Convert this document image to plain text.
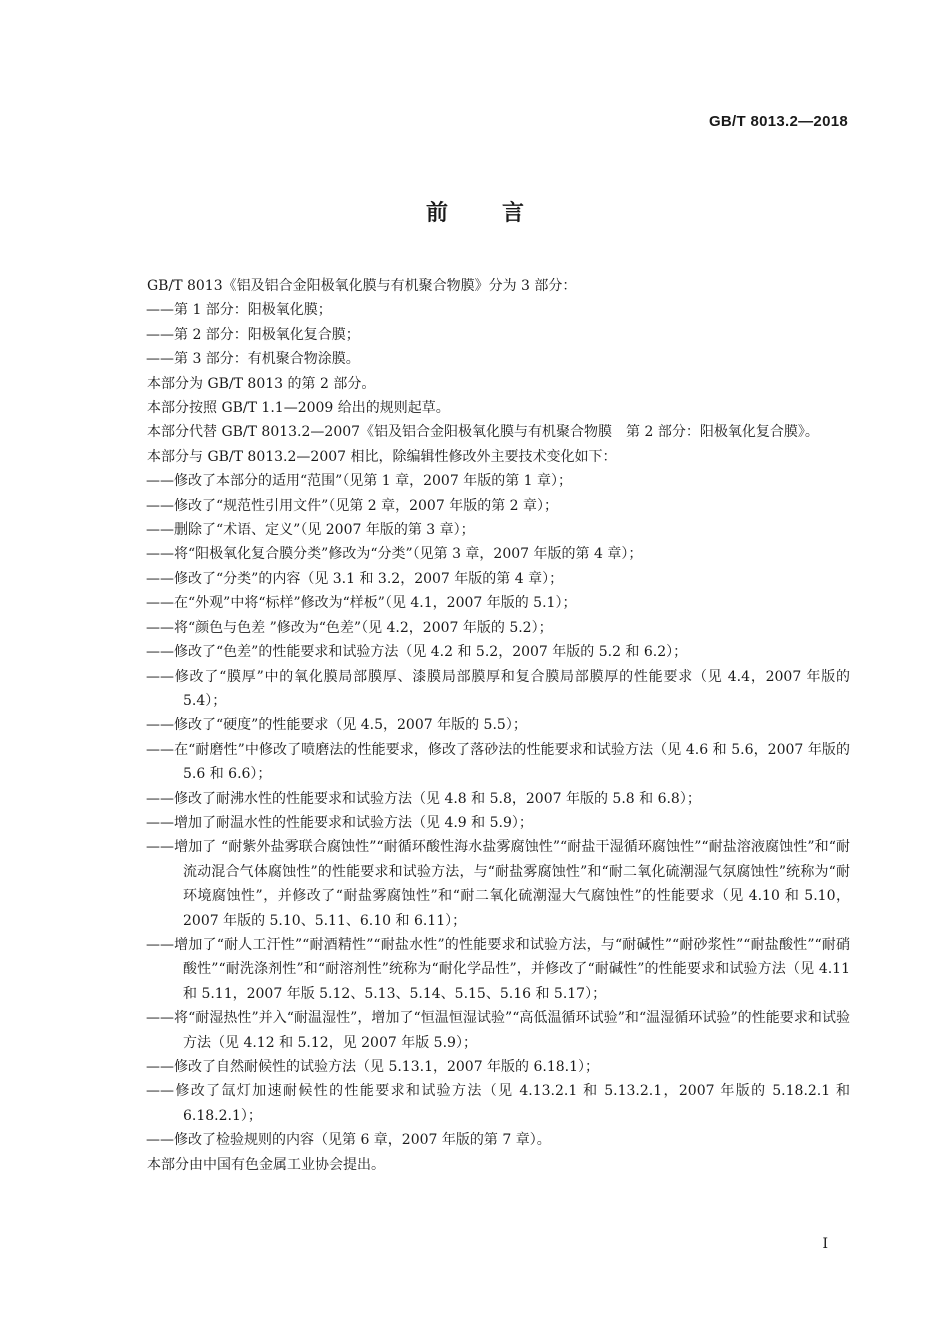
GB/T 8013.2—2018
前言

GB/T 8013《铝及铝合金阳极氧化膜与有机聚合物膜》分为 3 部分：

——第 1 部分：阳极氧化膜；

——第 2 部分：阳极氧化复合膜；

——第 3 部分：有机聚合物涂膜。

本部分为 GB/T 8013 的第 2 部分。

本部分按照 GB/T 1.1—2009 给出的规则起草。

本部分代替 GB/T 8013.2—2007《铝及铝合金阳极氧化膜与有机聚合物膜　第 2 部分：阳极氧化复合膜》。

本部分与 GB/T 8013.2—2007 相比，除编辑性修改外主要技术变化如下：

——修改了本部分的适用“范围”（见第 1 章，2007 年版的第 1 章）；

——修改了“规范性引用文件”（见第 2 章，2007 年版的第 2 章）；

——删除了“术语、定义”（见 2007 年版的第 3 章）；

——将“阳极氧化复合膜分类”修改为“分类”（见第 3 章，2007 年版的第 4 章）；

——修改了“分类”的内容（见 3.1 和 3.2，2007 年版的第 4 章）；

——在“外观”中将“标样”修改为“样板”（见 4.1，2007 年版的 5.1）；

——将“颜色与色差 ”修改为“色差”（见 4.2，2007 年版的 5.2）；

——修改了“色差”的性能要求和试验方法（见 4.2 和 5.2，2007 年版的 5.2 和 6.2）；

——修改了“膜厚”中的氧化膜局部膜厚、漆膜局部膜厚和复合膜局部膜厚的性能要求（见 4.4，2007 年版的 5.4）；

——修改了“硬度”的性能要求（见 4.5，2007 年版的 5.5）；

——在“耐磨性”中修改了喷磨法的性能要求，修改了落砂法的性能要求和试验方法（见 4.6 和 5.6，2007 年版的 5.6 和 6.6）；

——修改了耐沸水性的性能要求和试验方法（见 4.8 和 5.8，2007 年版的 5.8 和 6.8）；

——增加了耐温水性的性能要求和试验方法（见 4.9 和 5.9）；

——增加了 “耐紫外盐雾联合腐蚀性”“耐循环酸性海水盐雾腐蚀性”“耐盐干湿循环腐蚀性”“耐盐溶液腐蚀性”和“耐流动混合气体腐蚀性”的性能要求和试验方法，与“耐盐雾腐蚀性”和“耐二氧化硫潮湿气氛腐蚀性”统称为“耐环境腐蚀性”，并修改了“耐盐雾腐蚀性”和“耐二氧化硫潮湿大气腐蚀性”的性能要求（见 4.10 和 5.10，2007 年版的 5.10、5.11、6.10 和 6.11）；

——增加了“耐人工汗性”“耐酒精性”“耐盐水性”的性能要求和试验方法，与“耐碱性”“耐砂浆性”“耐盐酸性”“耐硝酸性”“耐洗涤剂性”和“耐溶剂性”统称为“耐化学品性”，并修改了“耐碱性”的性能要求和试验方法（见 4.11 和 5.11，2007 年版 5.12、5.13、5.14、5.15、5.16 和 5.17）；

——将“耐湿热性”并入“耐温湿性”，增加了“恒温恒湿试验”“高低温循环试验”和“温湿循环试验”的性能要求和试验方法（见 4.12 和 5.12，见 2007 年版 5.9）；

——修改了自然耐候性的试验方法（见 5.13.1，2007 年版的 6.18.1）；

——修改了氙灯加速耐候性的性能要求和试验方法（见 4.13.2.1 和 5.13.2.1，2007 年版的 5.18.2.1 和 6.18.2.1）；

——修改了检验规则的内容（见第 6 章，2007 年版的第 7 章）。

本部分由中国有色金属工业协会提出。

Ⅰ
